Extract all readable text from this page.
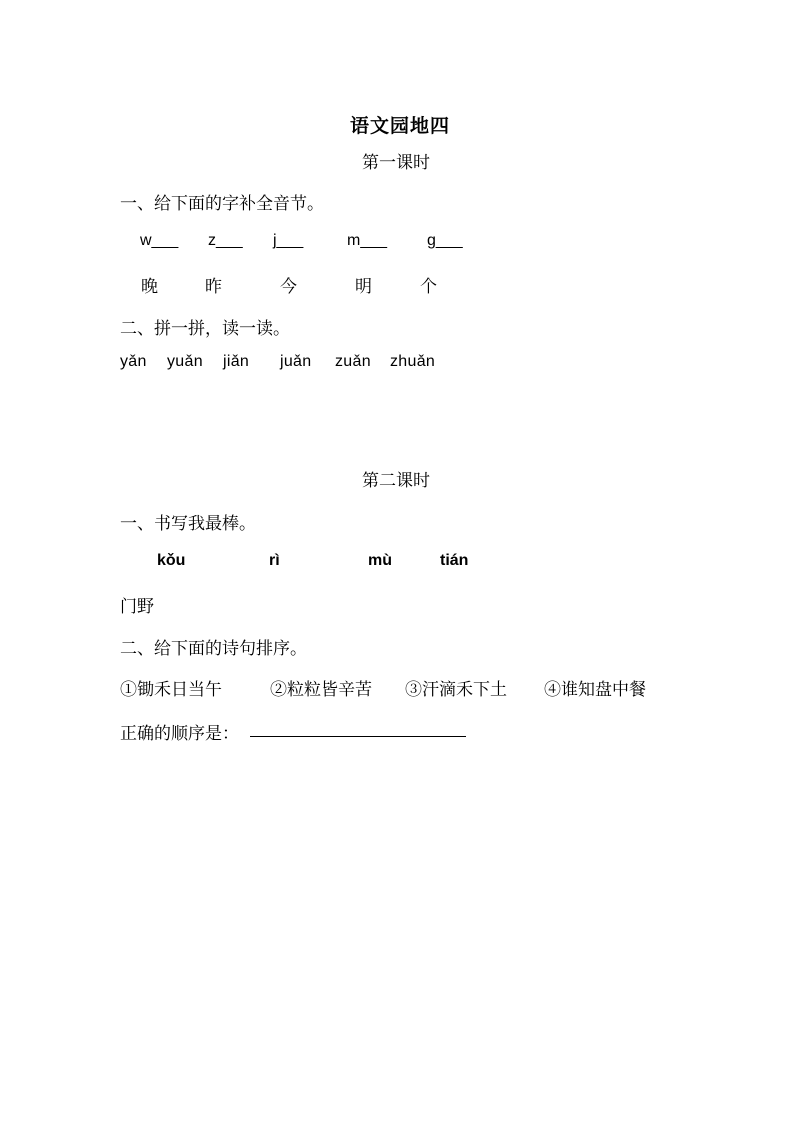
语文园地四
第一课时
一、给下面的字补全音节。
w___ z___ j___	m___ g___
晚	昨	今	明	个
二、拼一拼，读一读。
yǎn yuǎn jiǎn juǎn zuǎn zhuǎn
第二课时
一、书写我最棒。
kǒu	rì	mù	tián
门野
二、给下面的诗句排序。
①锄禾日当午	②粒粒皆辛苦 ③汗滴禾下土 ④谁知盘中餐
正确的顺序是：
